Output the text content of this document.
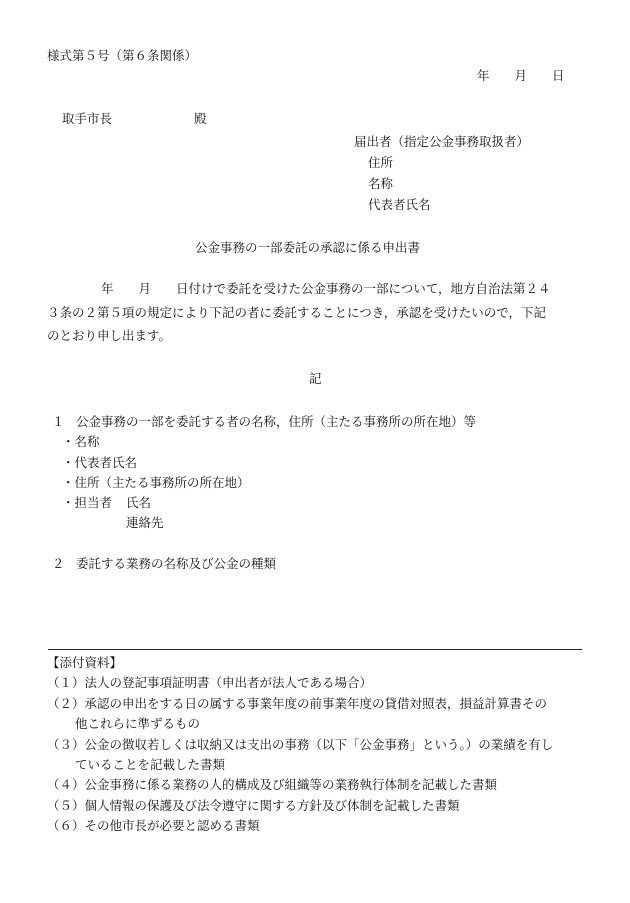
様式第５号（第６条関係）
年　　月　　日
取手市長	殿
届出者（指定公金事務取扱者）
住所
名称
代表者氏名
公金事務の一部委託の承認に係る申出書
年　　月　　日付けで委託を受けた公金事務の一部について，地方自治法第２４
３条の２第５項の規定により下記の者に委託することにつき，承認を受けたいので，下記
のとおり申し出ます。
記
１ 公金事務の一部を委託する者の名称，住所（主たる事務所の所在地）等
・名称
・代表者氏名
・住所（主たる事務所の所在地）
・担当者 氏名
連絡先
２ 委託する業務の名称及び公金の種類
【添付資料】
（１）法人の登記事項証明書（申出者が法人である場合）
（２）承認の申出をする日の属する事業年度の前事業年度の貸借対照表，損益計算書その
他これらに準ずるもの
（３）公金の徴収若しくは収納又は支出の事務（以下「公金事務」という。）の業績を有し
ていることを記載した書類
（４）公金事務に係る業務の人的構成及び組織等の業務執行体制を記載した書類
（５）個人情報の保護及び法令遵守に関する方針及び体制を記載した書類
（６）その他市長が必要と認める書類
